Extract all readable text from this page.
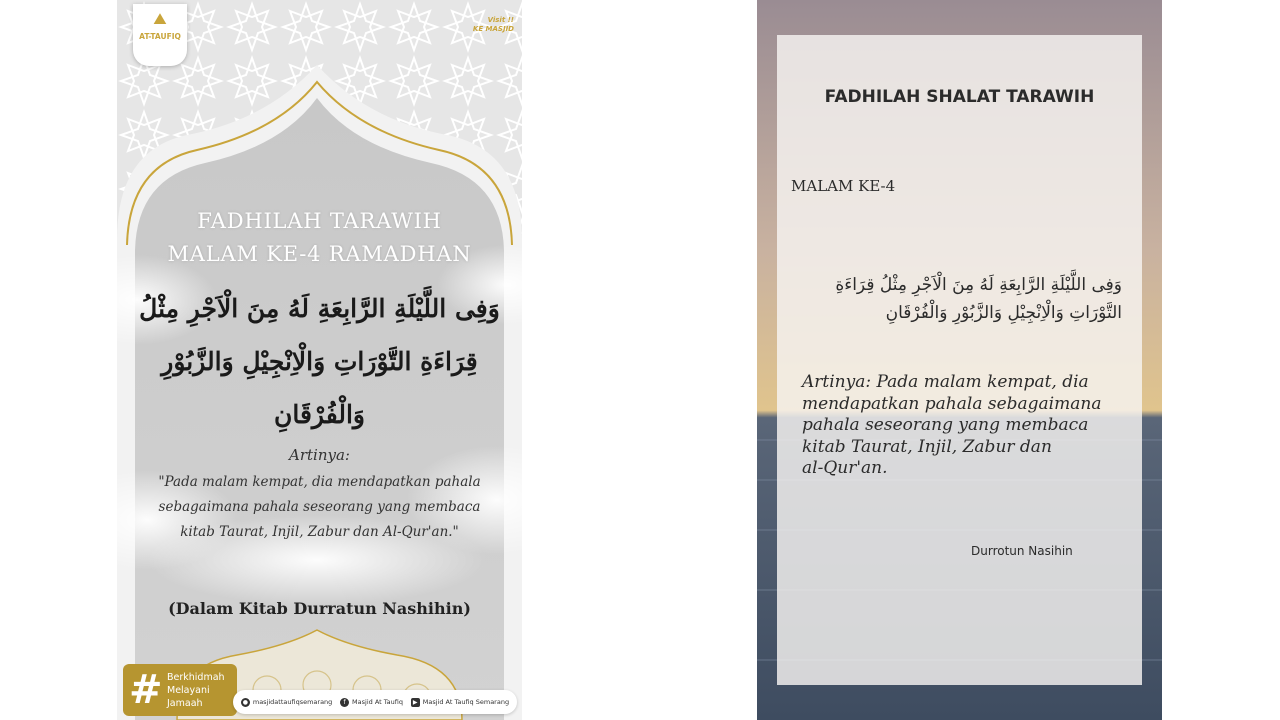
⛰
AT-TAUFIQ
Visit !!
KE MASJID
FADHILAH TARAWIH
MALAM KE-4 RAMADHAN
وَفِى اللَّيْلَةِ الرَّابِعَةِ لَهُ مِنَ الْاَجْرِ مِثْلُ
قِرَاءَةِ التَّوْرَاتِ وَالْاِنْجِيْلِ وَالزَّبُوْرِ
وَالْفُرْقَانِ
Artinya:
"Pada malam kempat, dia mendapatkan pahala sebagaimana pahala seseorang yang membaca kitab Taurat, Injil, Zabur dan Al-Qur'an."
(Dalam Kitab Durratun Nashihin)
# Berkhidmah
Melayani
Jamaah	● masjidattaufiqsemarang	f Masjid At Taufiq	▶ Masjid At Taufiq Semarang
FADHILAH SHALAT TARAWIH
MALAM KE-4
وَفِى اللَّيْلَةِ الرَّابِعَةِ لَهُ مِنَ الْاَجْرِ مِثْلُ قِرَاءَةِ
التَّوْرَاتِ وَالْاِنْجِيْلِ وَالزَّبُوْرِ وَالْفُرْقَانِ
Artinya: Pada malam kempat, dia
mendapatkan pahala sebagaimana
pahala seseorang yang membaca
kitab Taurat, Injil, Zabur dan
al-Qur'an.
Durrotun Nasihin
